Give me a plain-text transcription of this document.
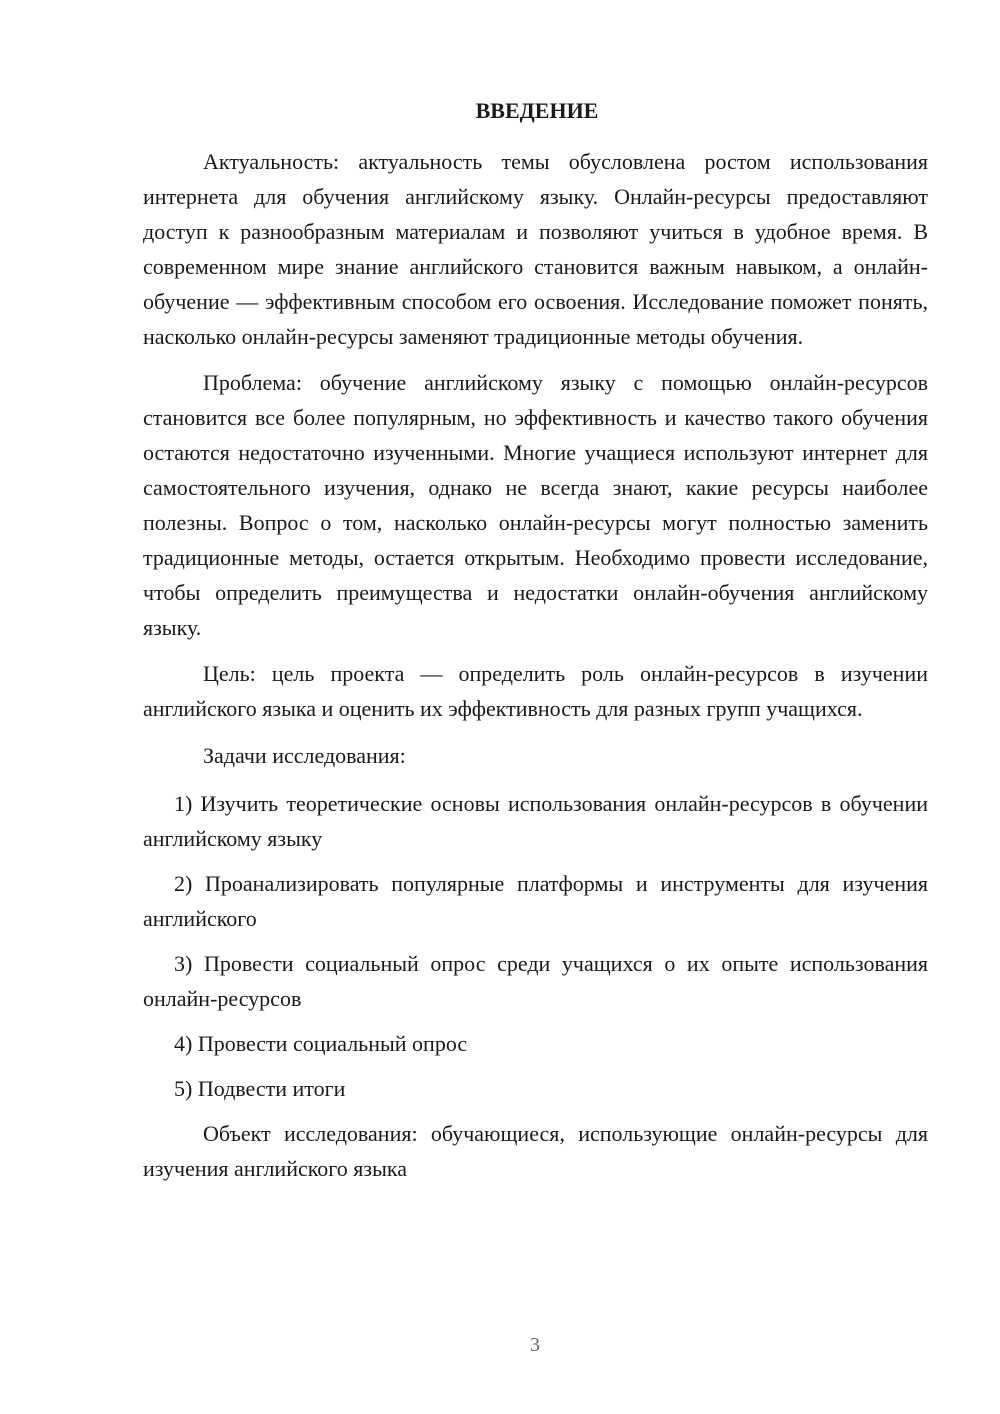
ВВЕДЕНИЕ

Актуальность: актуальность темы обусловлена ростом использования интернета для обучения английскому языку. Онлайн-ресурсы предоставляют доступ к разнообразным материалам и позволяют учиться в удобное время. В современном мире знание английского становится важным навыком, а онлайн-обучение — эффективным способом его освоения. Исследование поможет понять, насколько онлайн-ресурсы заменяют традиционные методы обучения.

Проблема: обучение английскому языку с помощью онлайн-ресурсов становится все более популярным, но эффективность и качество такого обучения остаются недостаточно изученными. Многие учащиеся используют интернет для самостоятельного изучения, однако не всегда знают, какие ресурсы наиболее полезны. Вопрос о том, насколько онлайн-ресурсы могут полностью заменить традиционные методы, остается открытым. Необходимо провести исследование, чтобы определить преимущества и недостатки онлайн-обучения английскому языку.

Цель: цель проекта — определить роль онлайн-ресурсов в изучении английского языка и оценить их эффективность для разных групп учащихся.

Задачи исследования:

1) Изучить теоретические основы использования онлайн-ресурсов в обучении английскому языку

2) Проанализировать популярные платформы и инструменты для изучения английского

3) Провести социальный опрос среди учащихся о их опыте использования онлайн-ресурсов

4) Провести социальный опрос

5) Подвести итоги

Объект исследования: обучающиеся, использующие онлайн-ресурсы для изучения английского языка

3
